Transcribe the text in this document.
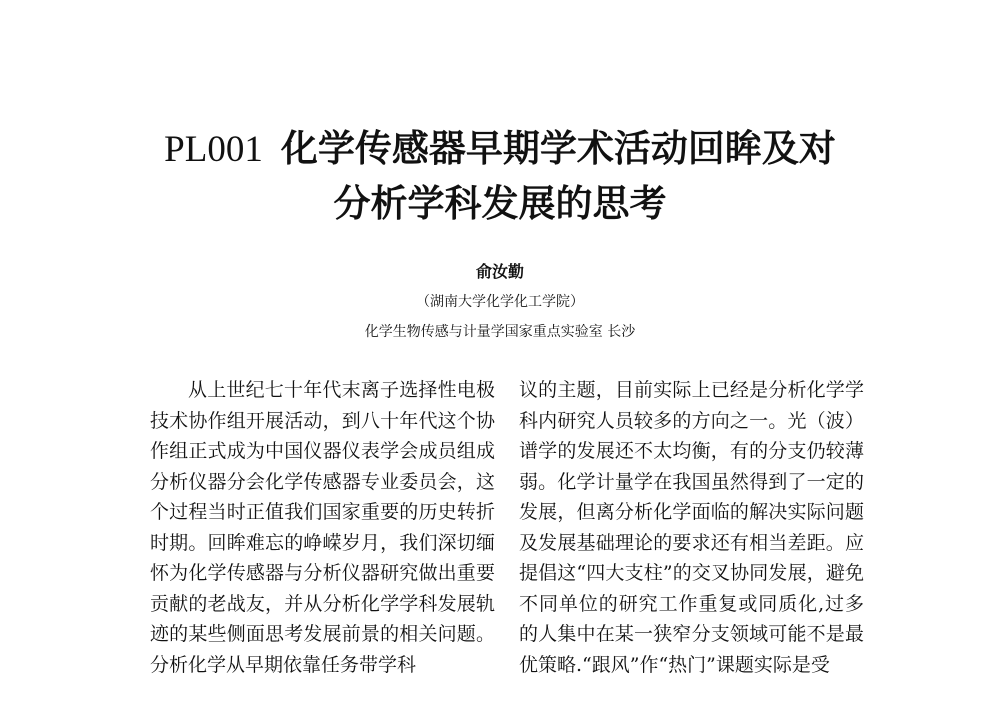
PL001 化学传感器早期学术活动回眸及对
分析学科发展的思考
俞汝勤
（湖南大学化学化工学院）
化学生物传感与计量学国家重点实验室 长沙

从上世纪七十年代末离子选择性电极技术协作组开展活动，到八十年代这个协作组正式成为中国仪器仪表学会成员组成分析仪器分会化学传感器专业委员会，这个过程当时正值我们国家重要的历史转折时期。回眸难忘的峥嵘岁月，我们深切缅怀为化学传感器与分析仪器研究做出重要贡献的老战友，并从分析化学学科发展轨迹的某些侧面思考发展前景的相关问题。分析化学从早期依靠任务带学科

议的主题，目前实际上已经是分析化学学科内研究人员较多的方向之一。光（波）谱学的发展还不太均衡，有的分支仍较薄弱。化学计量学在我国虽然得到了一定的发展，但离分析化学面临的解决实际问题及发展基础理论的要求还有相当差距。应提倡这“四大支柱”的交叉协同发展，避免不同单位的研究工作重复或同质化,过多的人集中在某一狭窄分支领域可能不是最优策略.“跟风”作“热门”课题实际是受
